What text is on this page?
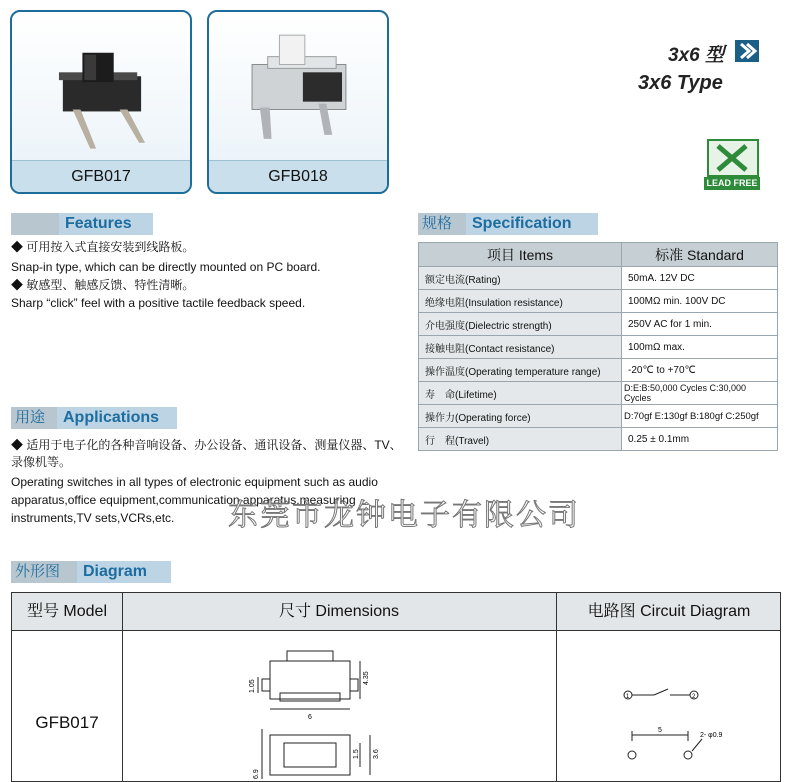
GFB017	GFB018
3x6 型
3x6 Type
LEAD FREE
Features
◆ 可用按入式直接安装到线路板。
Snap-in type, which can be directly mounted on PC board.
◆ 敏感型、触感反馈、特性清晰。
Sharp “click” feel with a positive tactile feedback speed.
用途	Applications
◆ 适用于电子化的各种音响设备、办公设备、通讯设备、测量仪器、TV、
录像机等。
Operating switches in all types of electronic equipment such as audio
apparatus,office equipment,communication apparatus,measuring
instruments,TV sets,VCRs,etc.
规格	Specification
项目 Items	标准 Standard
额定电流(Rating)	50mA. 12V DC
绝缘电阻(Insulation resistance)	100MΩ min. 100V DC
介电强度(Dielectric strength)	250V AC for 1 min.
接触电阻(Contact resistance)	100mΩ max.
操作温度(Operating temperature range)	-20℃ to +70℃
寿　命(Lifetime)	D:E:B:50,000 Cycles C:30,000 Cycles
操作力(Operating force)	D:70gf E:130gf B:180gf C:250gf
行　程(Travel)	0.25 ± 0.1mm
东莞市龙钟电子有限公司
外形图	Diagram
型号 Model	尺寸 Dimensions	电路图 Circuit Diagram
GFB017
1.05
4.35
6
1.5 3.6
6.9
1	2
5
2- φ0.9
